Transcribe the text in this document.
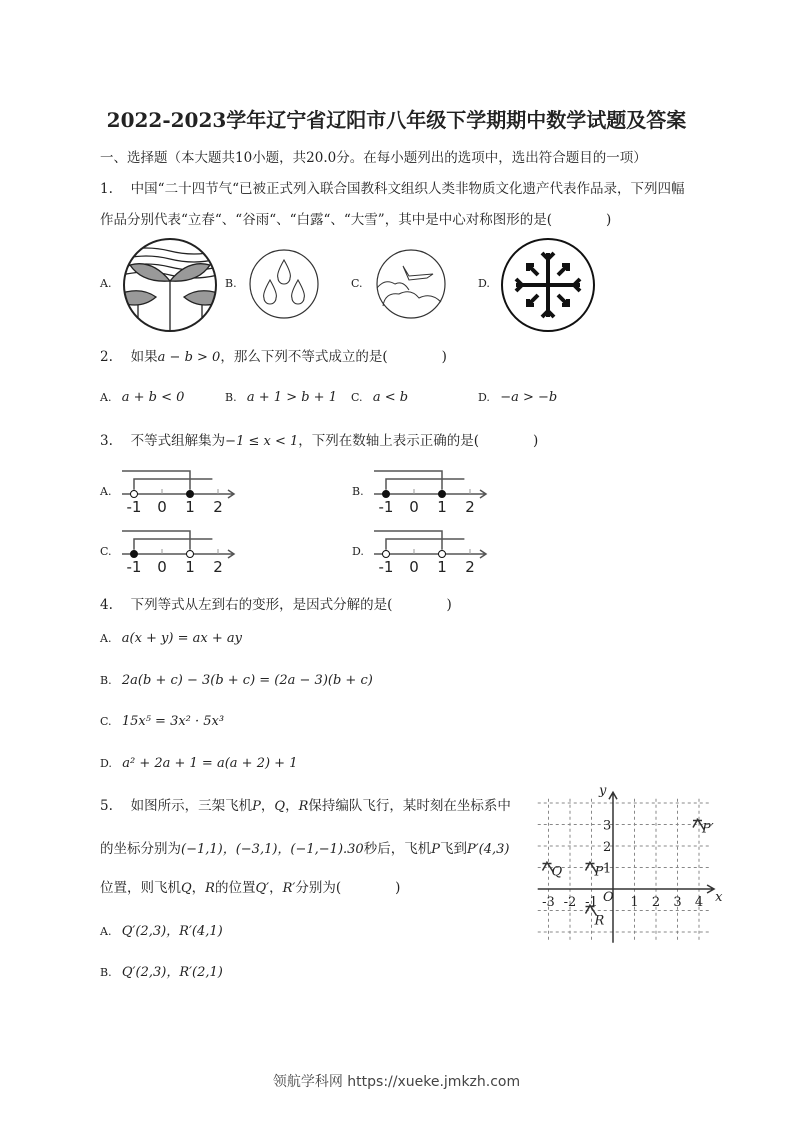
2022-2023学年辽宁省辽阳市八年级下学期期中数学试题及答案
一、选择题（本大题共10小题，共20.0分。在每小题列出的选项中，选出符合题目的一项）
1.　 中国“二十四节气“已被正式列入联合国教科文组织人类非物质文化遗产代表作品录，下列四幅
作品分别代表“立春“、“谷雨“、“白露“、“大雪”，其中是中心对称图形的是(　　　　)
A.	B.	C.	D.
2.　 如果a − b > 0，那么下列不等式成立的是(　　　　)
A. a + b < 0	B. a + 1 > b + 1 C. a < b	D. −a > −b
3.　 不等式组解集为−1 ≤ x < 1，下列在数轴上表示正确的是(　　　　)
A.
-1 0 1 2
B.
-1 0 1 2
C.
-1 0 1 2
D.
-1 0 1 2
4.　 下列等式从左到右的变形，是因式分解的是(　　　　)
A. a(x + y) = ax + ay
B. 2a(b + c) − 3(b + c) = (2a − 3)(b + c)
C. 15x⁵ = 3x² · 5x³
D. a² + 2a + 1 = a(a + 2) + 1
5.　 如图所示，三架飞机P，Q，R保持编队飞行，某时刻在坐标系中
的坐标分别为(−1,1)，(−3,1)，(−1,−1).30秒后，飞机P飞到P′(4,3)
位置，则飞机Q，R的位置Q′，R′分别为(　　　　)
A. Q′(2,3)，R′(4,1)
B. Q′(2,3)，R′(2,1)
x
y
O
-3 -2 -1	1 2 3 4
1
2
3
P
Q
R
P′
领航学科网 https://xueke.jmkzh.com
